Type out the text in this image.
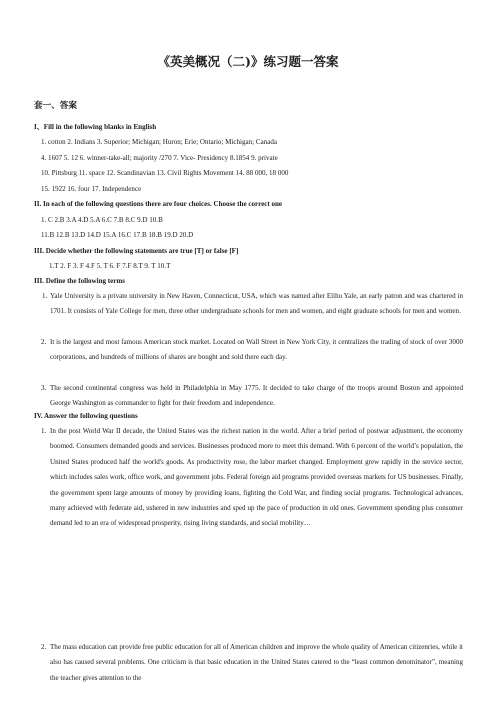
《英美概况（二)》练习题一答案
套一、答案
I、Fill in the following blanks in English
1. cotton 2. Indians 3. Superior; Michigan; Huron; Erie; Ontario; Michigan; Canada
4. 1607 5. 12 6. winner-take-all; majority /270 7. Vice- Presidency 8.1854 9. private
10. Pittsburg 11. space 12. Scandinavian 13. Civil Rights Movement 14. 88 000, 18 000
15. 1922 16. four 17. Independence
II. In each of the following questions there are four choices. Choose the correct one
1. C 2.B 3.A 4.D 5.A 6.C 7.B 8.C 9.D 10.B
11.B 12.B 13.D 14.D 15.A 16.C 17.B 18.B 19.D 20.D
III. Decide whether the following statements are true [T] or false [F]
1.T 2. F 3. F 4.F 5. T 6. F 7.F 8.T 9. T 10.T
III. Define the following terms
1. Yale University is a private university in New Haven, Connecticut, USA, which was named after Elihu Yale, an early patron and was chartered in 1701. It consists of Yale College for men, three other undergraduate schools for men and women, and eight graduate schools for men and women.
2. It is the largest and most famous American stock market. Located on Wall Street in New York City, it centralizes the trading of stock of over 3000 corporations, and hundreds of millions of shares are bought and sold there each day.
3. The second continental congress was held in Philadelphia in May 1775. It decided to take charge of the troops around Boston and appointed George Washington as commander to fight for their freedom and independence.
IV. Answer the following questions
1. In the post World War II decade, the United States was the richest nation in the world. After a brief period of postwar adjustment, the economy boomed. Consumers demanded goods and services. Businesses produced more to meet this demand. With 6 percent of the world’s population, the United States produced half the world's goods. As productivity rose, the labor market changed. Employment grew rapidly in the service sector, which includes sales work, office work, and government jobs. Federal foreign aid programs provided overseas markets for US businesses. Finally, the government spent large amounts of money by providing loans, fighting the Cold War, and finding social programs. Technological advances, many achieved with federate aid, ushered in new industries and sped up the pace of production in old ones. Government spending plus consumer demand led to an era of widespread prosperity, rising living standards, and social mobility…
2. The mass education can provide free public education for all of American children and improve the whole quality of American citizenries, while it also has caused several problems. One criticism is that basic education in the United States catered to the “least common denominator”, meaning the teacher gives attention to the
